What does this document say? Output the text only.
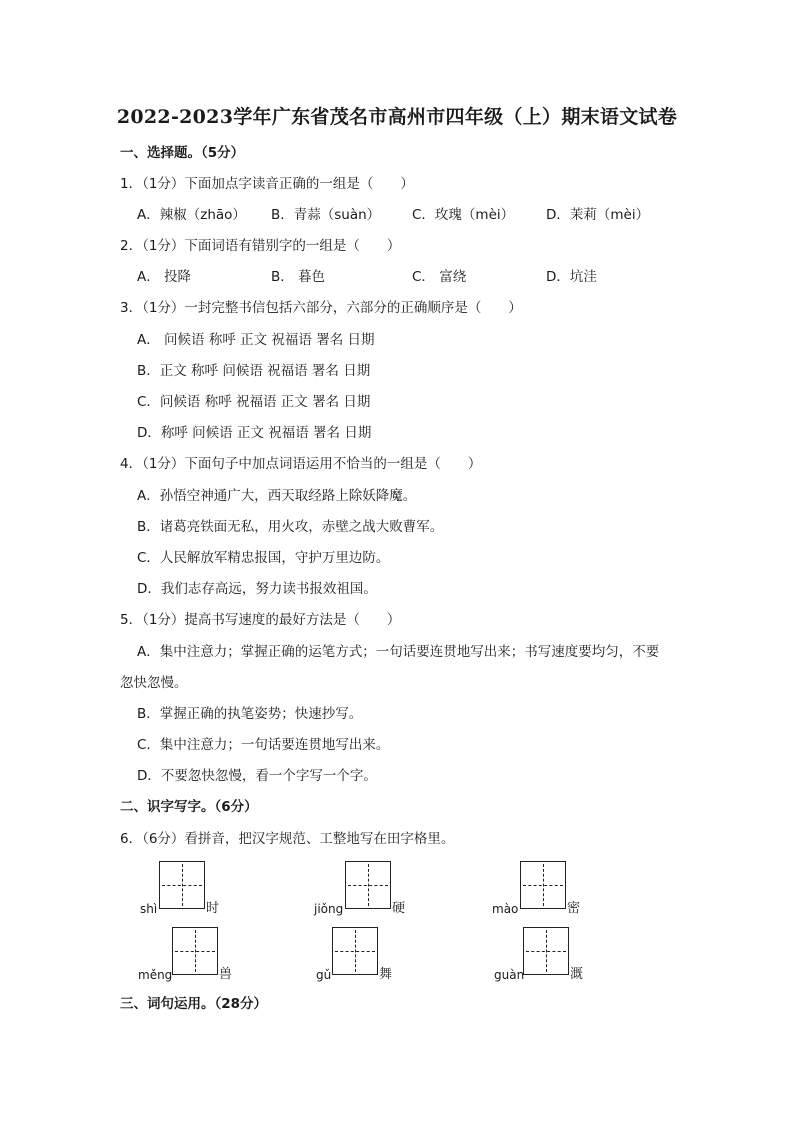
2022-2023学年广东省茂名市高州市四年级（上）期末语文试卷
一、选择题。（5分）
1．（1分）下面加点字读音正确的一组是（　　）
A．辣椒（zhāo） B．青蒜（suàn） C．玫瑰（mèi） D．茉莉（mèi）
2．（1分）下面词语有错别字的一组是（　　）
A． 投降	B． 暮色	C． 富绕	D．坑洼
3．（1分）一封完整书信包括六部分，六部分的正确顺序是（　　）
A． 问候语 称呼 正文 祝福语 署名 日期
B．正文 称呼 问候语 祝福语 署名 日期
C．问候语 称呼 祝福语 正文 署名 日期
D．称呼 问候语 正文 祝福语 署名 日期
4．（1分）下面句子中加点词语运用不恰当的一组是（　　）
A．孙悟空神通广大，西天取经路上除妖降魔。
B．诸葛亮铁面无私，用火攻，赤壁之战大败曹军。
C．人民解放军精忠报国，守护万里边防。
D．我们志存高远，努力读书报效祖国。
5．（1分）提高书写速度的最好方法是（　　）
A．集中注意力；掌握正确的运笔方式；一句话要连贯地写出来；书写速度要均匀，不要
忽快忽慢。
B．掌握正确的执笔姿势；快速抄写。
C．集中注意力；一句话要连贯地写出来。
D．不要忽快忽慢，看一个字写一个字。
二、识字写字。（6分）
6．（6分）看拼音，把汉字规范、工整地写在田字格里。
shì	时	jiǒng	硬	mào	密
měng	兽	gǔ	舞	guàn	溉
三、词句运用。（28分）
